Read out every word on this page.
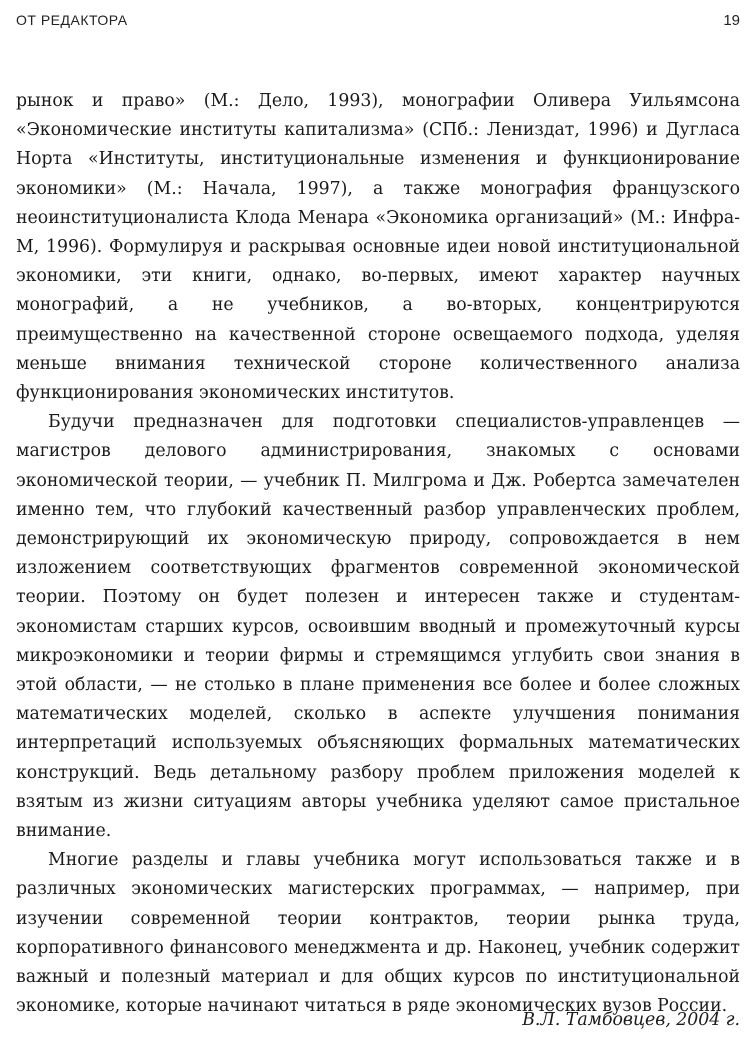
ОТ РЕДАКТОРА	19

рынок и право» (М.: Дело, 1993), монографии Оливера Уильямсона «Экономические институты капитализма» (СПб.: Лениздат, 1996) и Дугласа Норта «Институты, институциональные изменения и функционирование экономики» (М.: Начала, 1997), а также монография французского неоинституционалиста Клода Менара «Экономика организаций» (М.: Инфра-М, 1996). Формулируя и раскрывая основные идеи новой институциональной экономики, эти книги, однако, во-первых, имеют характер научных монографий, а не учебников, а во-вторых, концентрируются преимущественно на качественной стороне освещаемого подхода, уделяя меньше внимания технической стороне количественного анализа функционирования экономических институтов.

Будучи предназначен для подготовки специалистов-управленцев — магистров делового администрирования, знакомых с основами экономической теории, — учебник П. Милгрома и Дж. Робертса замечателен именно тем, что глубокий качественный разбор управленческих проблем, демонстрирующий их экономическую природу, сопровождается в нем изложением соответствующих фрагментов современной экономической теории. Поэтому он будет полезен и интересен также и студентам-экономистам старших курсов, освоившим вводный и промежуточный курсы микроэкономики и теории фирмы и стремящимся углубить свои знания в этой области, — не столько в плане применения все более и более сложных математических моделей, сколько в аспекте улучшения понимания интерпретаций используемых объясняющих формальных математических конструкций. Ведь детальному разбору проблем приложения моделей к взятым из жизни ситуациям авторы учебника уделяют самое пристальное внимание.

Многие разделы и главы учебника могут использоваться также и в различных экономических магистерских программах, — например, при изучении современной теории контрактов, теории рынка труда, корпоративного финансового менеджмента и др. Наконец, учебник содержит важный и полезный материал и для общих курсов по институциональной экономике, которые начинают читаться в ряде экономических вузов России.

В.Л. Тамбовцев, 2004 г.
